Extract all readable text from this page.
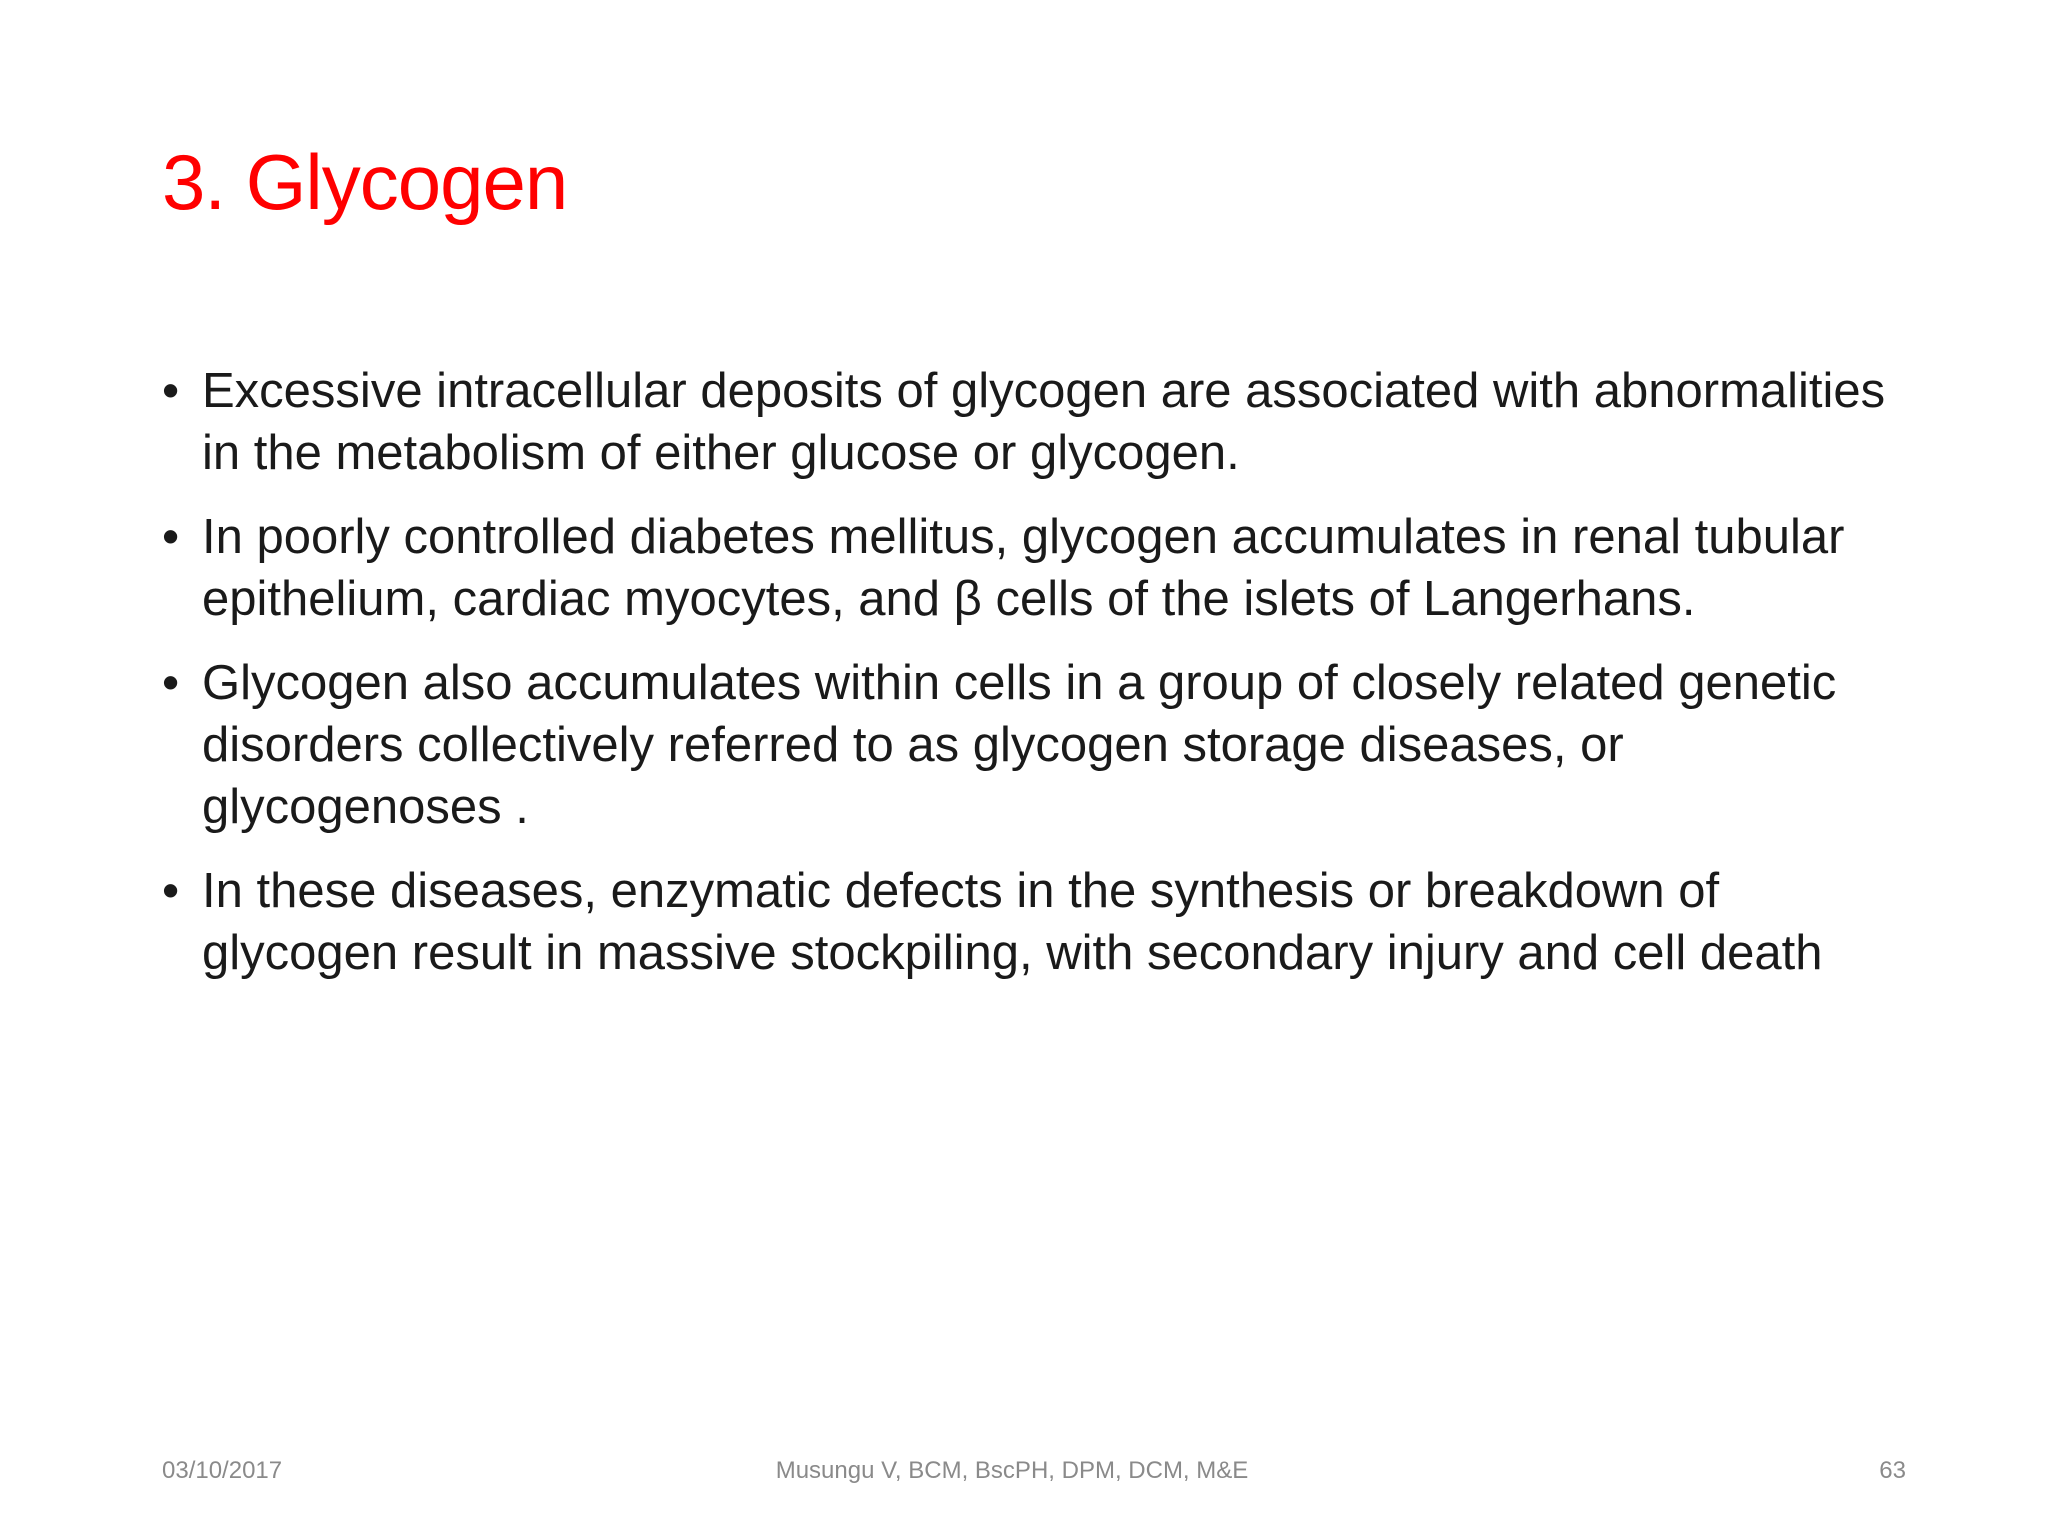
3. Glycogen
• Excessive intracellular deposits of glycogen are associated with abnormalities in the metabolism of either glucose or glycogen.
• In poorly controlled diabetes mellitus, glycogen accumulates in renal tubular epithelium, cardiac myocytes, and β cells of the islets of Langerhans.
• Glycogen also accumulates within cells in a group of closely related genetic disorders collectively referred to as glycogen storage diseases, or glycogenoses .
• In these diseases, enzymatic defects in the synthesis or breakdown of glycogen result in massive stockpiling, with secondary injury and cell death
03/10/2017	Musungu V, BCM, BscPH, DPM, DCM, M&E	63
